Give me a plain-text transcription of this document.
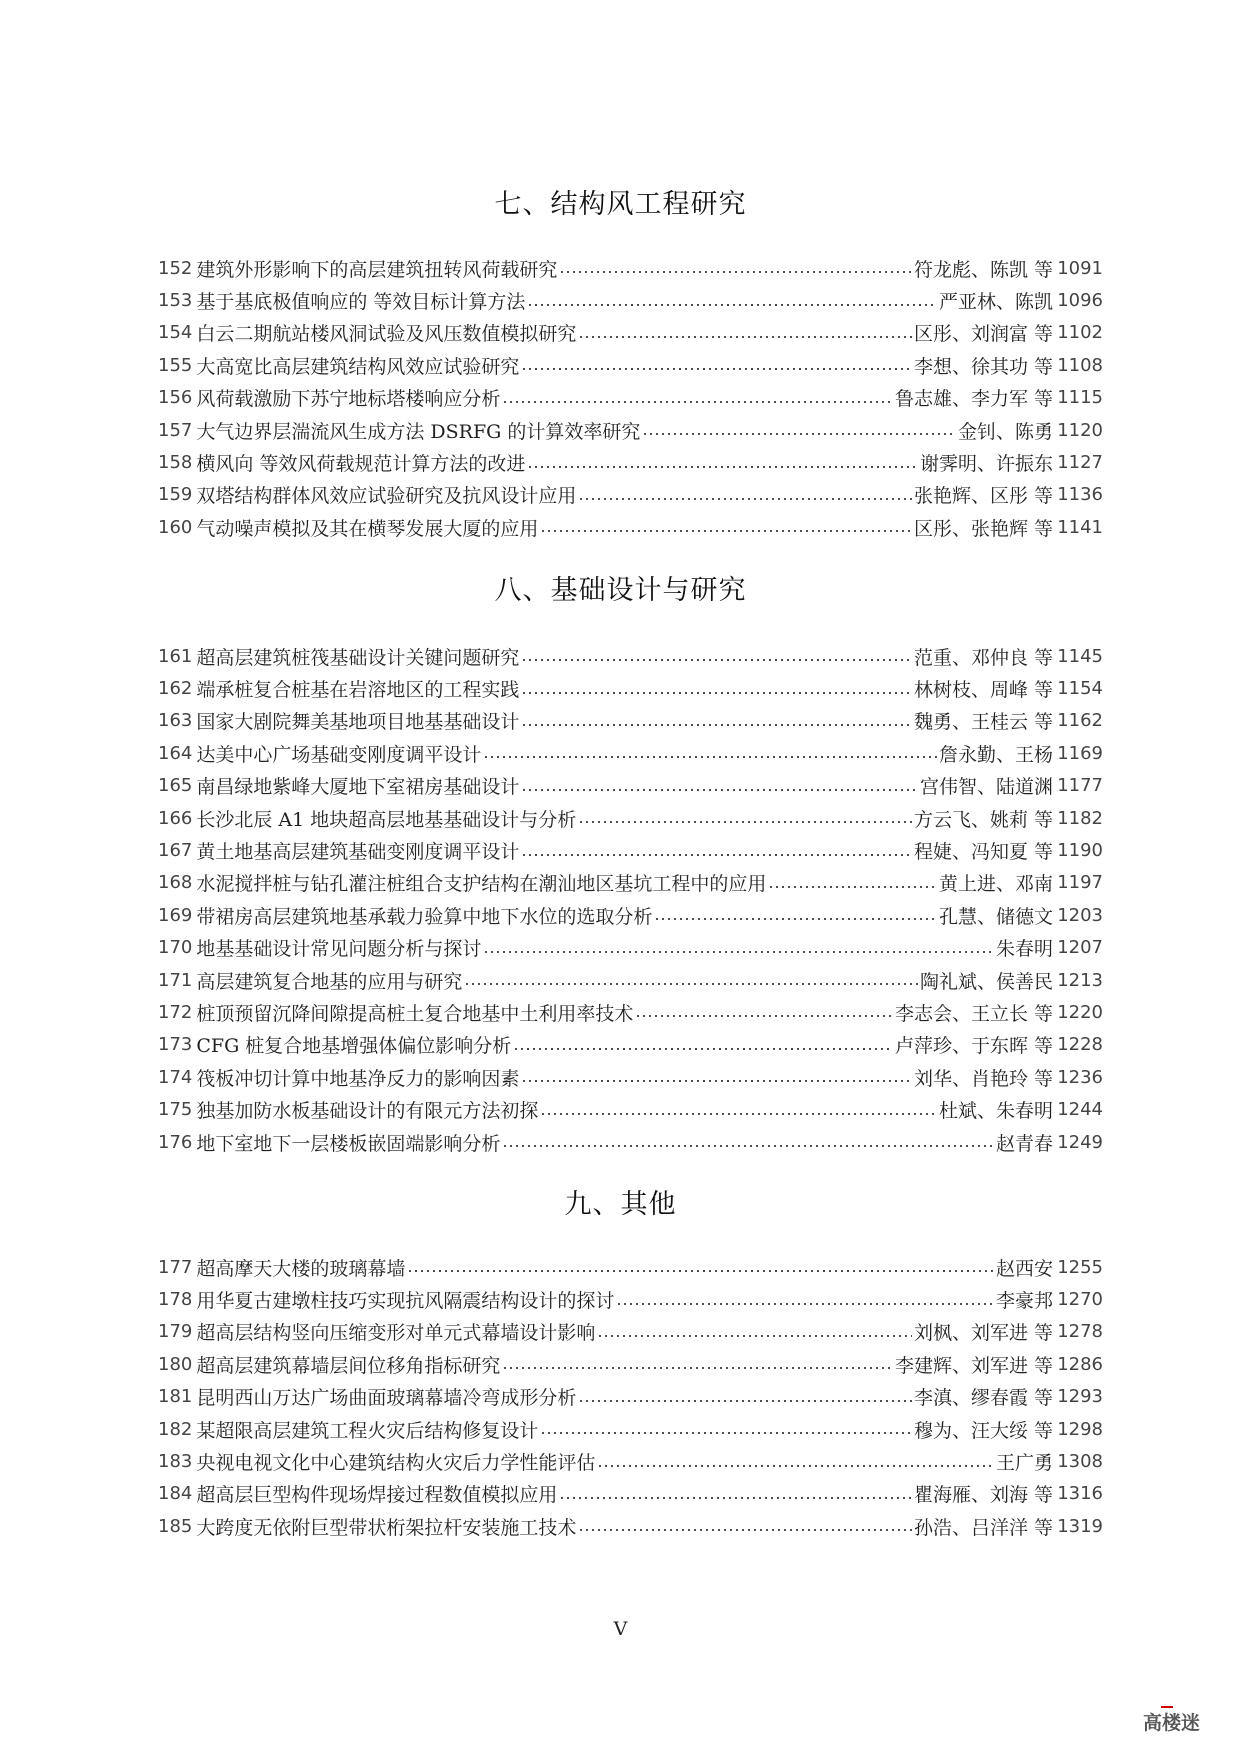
七、结构风工程研究
152 建筑外形影响下的高层建筑扭转风荷载研究	符龙彪、陈凯 等 1091
153 基于基底极值响应的 等效目标计算方法	严亚林、陈凯 1096
154 白云二期航站楼风洞试验及风压数值模拟研究	区彤、刘润富 等 1102
155 大高宽比高层建筑结构风效应试验研究	李想、徐其功 等 1108
156 风荷载激励下苏宁地标塔楼响应分析	鲁志雄、李力军 等 1115
157 大气边界层湍流风生成方法 DSRFG 的计算效率研究	金钊、陈勇 1120
158 横风向 等效风荷载规范计算方法的改进	谢霁明、许振东 1127
159 双塔结构群体风效应试验研究及抗风设计应用	张艳辉、区彤 等 1136
160 气动噪声模拟及其在横琴发展大厦的应用	区彤、张艳辉 等 1141
八、基础设计与研究
161 超高层建筑桩筏基础设计关键问题研究	范重、邓仲良 等 1145
162 端承桩复合桩基在岩溶地区的工程实践	林树枝、周峰 等 1154
163 国家大剧院舞美基地项目地基基础设计	魏勇、王桂云 等 1162
164 达美中心广场基础变刚度调平设计	詹永勤、王杨 1169
165 南昌绿地紫峰大厦地下室裙房基础设计	宫伟智、陆道渊 1177
166 长沙北辰 A1 地块超高层地基基础设计与分析	方云飞、姚莉 等 1182
167 黄土地基高层建筑基础变刚度调平设计	程婕、冯知夏 等 1190
168 水泥搅拌桩与钻孔灌注桩组合支护结构在潮汕地区基坑工程中的应用	黄上进、邓南 1197
169 带裙房高层建筑地基承载力验算中地下水位的选取分析	孔慧、储德文 1203
170 地基基础设计常见问题分析与探讨	朱春明 1207
171 高层建筑复合地基的应用与研究	陶礼斌、侯善民 1213
172 桩顶预留沉降间隙提高桩土复合地基中土利用率技术	李志会、王立长 等 1220
173 CFG 桩复合地基增强体偏位影响分析	卢萍珍、于东晖 等 1228
174 筏板冲切计算中地基净反力的影响因素	刘华、肖艳玲 等 1236
175 独基加防水板基础设计的有限元方法初探	杜斌、朱春明 1244
176 地下室地下一层楼板嵌固端影响分析	赵青春 1249
九、其他
177 超高摩天大楼的玻璃幕墙	赵西安 1255
178 用华夏古建墩柱技巧实现抗风隔震结构设计的探讨	李豪邦 1270
179 超高层结构竖向压缩变形对单元式幕墙设计影响	刘枫、刘军进 等 1278
180 超高层建筑幕墙层间位移角指标研究	李建辉、刘军进 等 1286
181 昆明西山万达广场曲面玻璃幕墙冷弯成形分析	李滇、缪春霞 等 1293
182 某超限高层建筑工程火灾后结构修复设计	穆为、汪大绥 等 1298
183 央视电视文化中心建筑结构火灾后力学性能评估	王广勇 1308
184 超高层巨型构件现场焊接过程数值模拟应用	瞿海雁、刘海 等 1316
185 大跨度无依附巨型带状桁架拉杆安装施工技术	孙浩、吕洋洋 等 1319
V
高楼迷
